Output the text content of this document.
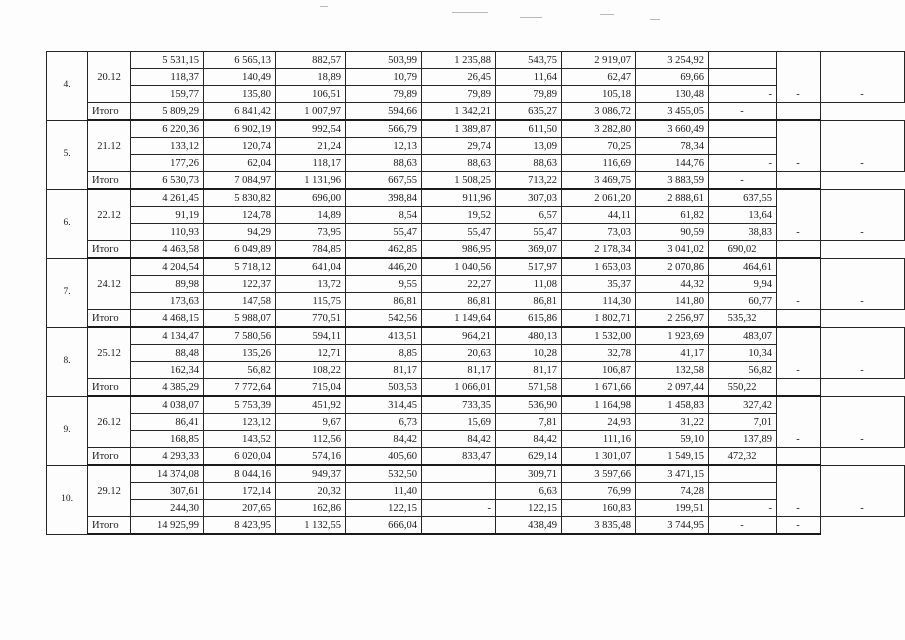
4.	20.12	5 531,15	6 565,13	882,57	503,99	1 235,88	543,75	2 919,07	3 254,92		-	-
		118,37	140,49	18,89	10,79	26,45	11,64	62,47	69,66			
		159,77	135,80	106,51	79,89	79,89	79,89	105,18	130,48	-		
	Итого	5 809,29	6 841,42	1 007,97	594,66	1 342,21	635,27	3 086,72	3 455,05	-		
5.	21.12	6 220,36	6 902,19	992,54	566,79	1 389,87	611,50	3 282,80	3 660,49		-	-
		133,12	120,74	21,24	12,13	29,74	13,09	70,25	78,34			
		177,26	62,04	118,17	88,63	88,63	88,63	116,69	144,76	-		
	Итого	6 530,73	7 084,97	1 131,96	667,55	1 508,25	713,22	3 469,75	3 883,59	-		
6.	22.12	4 261,45	5 830,82	696,00	398,84	911,96	307,03	2 061,20	2 888,61	637,55	-	-
		91,19	124,78	14,89	8,54	19,52	6,57	44,11	61,82	13,64		
		110,93	94,29	73,95	55,47	55,47	55,47	73,03	90,59	38,83		
	Итого	4 463,58	6 049,89	784,85	462,85	986,95	369,07	2 178,34	3 041,02	690,02		
7.	24.12	4 204,54	5 718,12	641,04	446,20	1 040,56	517,97	1 653,03	2 070,86	464,61	-	-
		89,98	122,37	13,72	9,55	22,27	11,08	35,37	44,32	9,94		
		173,63	147,58	115,75	86,81	86,81	86,81	114,30	141,80	60,77		
	Итого	4 468,15	5 988,07	770,51	542,56	1 149,64	615,86	1 802,71	2 256,97	535,32		
8.	25.12	4 134,47	7 580,56	594,11	413,51	964,21	480,13	1 532,00	1 923,69	483,07	-	-
		88,48	135,26	12,71	8,85	20,63	10,28	32,78	41,17	10,34		
		162,34	56,82	108,22	81,17	81,17	81,17	106,87	132,58	56,82		
	Итого	4 385,29	7 772,64	715,04	503,53	1 066,01	571,58	1 671,66	2 097,44	550,22		
9.	26.12	4 038,07	5 753,39	451,92	314,45	733,35	536,90	1 164,98	1 458,83	327,42	-	-
		86,41	123,12	9,67	6,73	15,69	7,81	24,93	31,22	7,01		
		168,85	143,52	112,56	84,42	84,42	84,42	111,16	59,10	137,89		
	Итого	4 293,33	6 020,04	574,16	405,60	833,47	629,14	1 301,07	1 549,15	472,32		
10.	29.12	14 374,08	8 044,16	949,37	532,50		309,71	3 597,66	3 471,15		-	-
		307,61	172,14	20,32	11,40		6,63	76,99	74,28			
		244,30	207,65	162,86	122,15	-	122,15	160,83	199,51	-		
	Итого	14 925,99	8 423,95	1 132,55	666,04		438,49	3 835,48	3 744,95	-	-	
